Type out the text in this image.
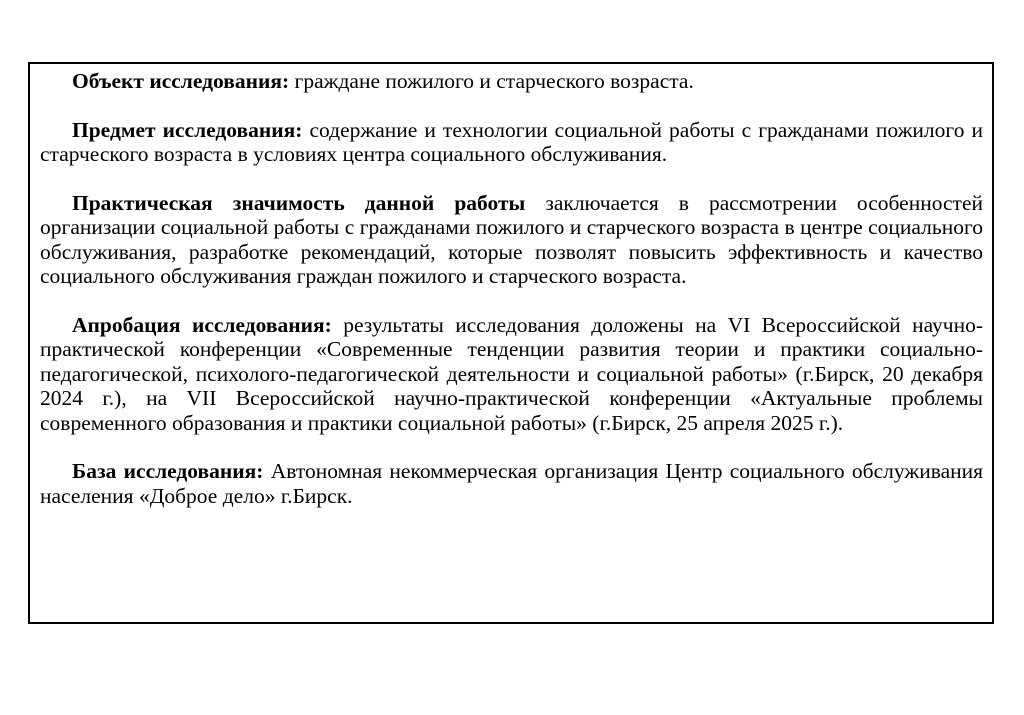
Объект исследования: граждане пожилого и старческого возраста.

Предмет исследования: содержание и технологии социальной работы с гражданами пожилого и старческого возраста в условиях центра социального обслуживания.

Практическая значимость данной работы заключается в рассмотрении особенностей организации социальной работы с гражданами пожилого и старческого возраста в центре социального обслуживания, разработке рекомендаций, которые позволят повысить эффективность и качество социального обслуживания граждан пожилого и старческого возраста.

Апробация исследования: результаты исследования доложены на VI Всероссийской научно-практической конференции «Современные тенденции развития теории и практики социально-педагогической, психолого-педагогической деятельности и социальной работы» (г.Бирск, 20 декабря 2024 г.), на VII Всероссийской научно-практической конференции «Актуальные проблемы современного образования и практики социальной работы» (г.Бирск, 25 апреля 2025 г.).

База исследования: Автономная некоммерческая организация Центр социального обслуживания населения «Доброе дело» г.Бирск.
